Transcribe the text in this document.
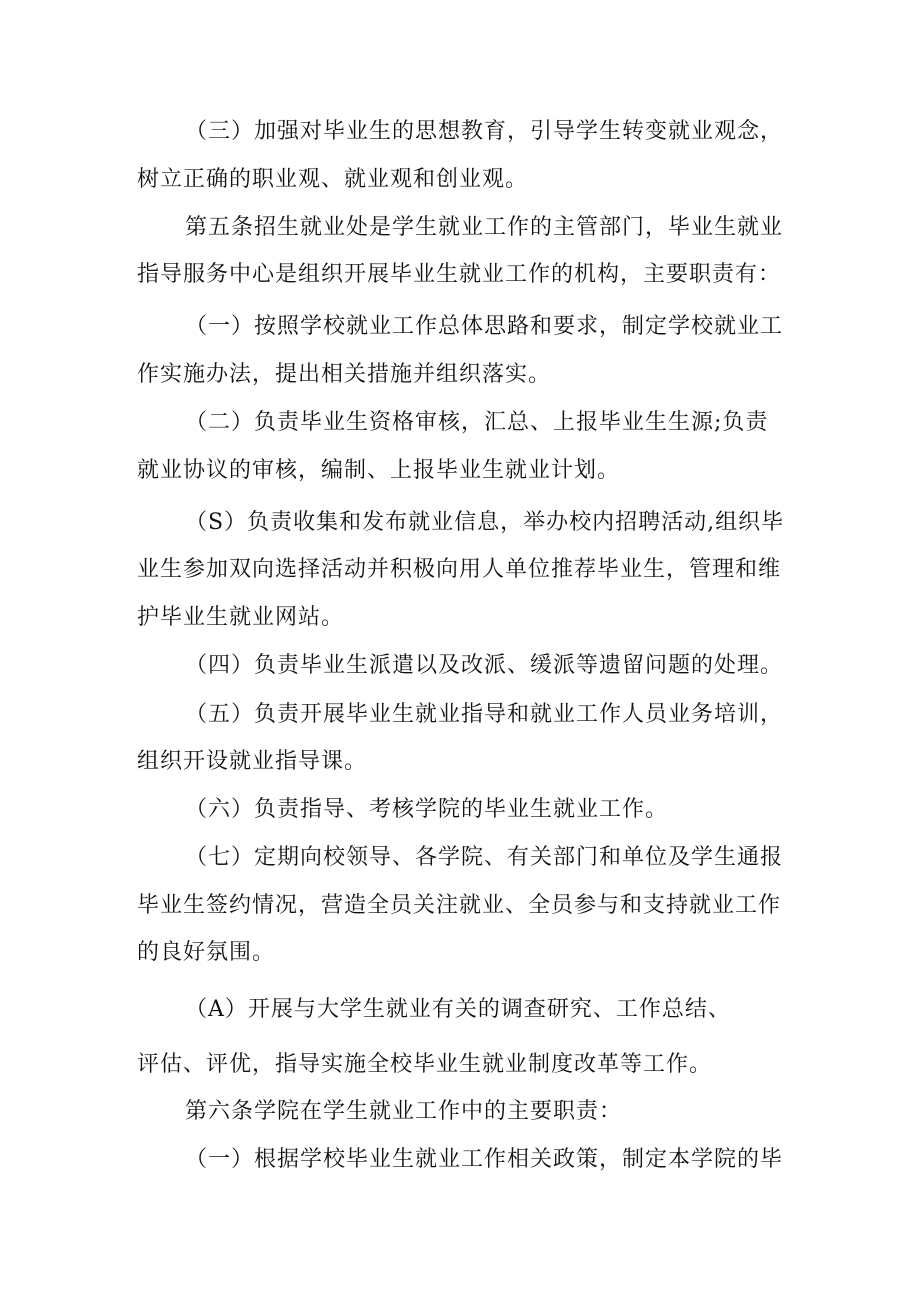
（三）加强对毕业生的思想教育，引导学生转变就业观念，
树立正确的职业观、就业观和创业观。
第五条招生就业处是学生就业工作的主管部门，毕业生就业
指导服务中心是组织开展毕业生就业工作的机构，主要职责有：
（一）按照学校就业工作总体思路和要求，制定学校就业工
作实施办法，提出相关措施并组织落实。
（二）负责毕业生资格审核，汇总、上报毕业生生源;负责
就业协议的审核，编制、上报毕业生就业计划。
（S）负责收集和发布就业信息，举办校内招聘活动,组织毕
业生参加双向选择活动并积极向用人单位推荐毕业生，管理和维
护毕业生就业网站。
（四）负责毕业生派遣以及改派、缓派等遗留问题的处理。
（五）负责开展毕业生就业指导和就业工作人员业务培训，
组织开设就业指导课。
（六）负责指导、考核学院的毕业生就业工作。
（七）定期向校领导、各学院、有关部门和单位及学生通报
毕业生签约情况，营造全员关注就业、全员参与和支持就业工作
的良好氛围。
（A）开展与大学生就业有关的调查研究、工作总结、
评估、评优，指导实施全校毕业生就业制度改革等工作。
第六条学院在学生就业工作中的主要职责：
（一）根据学校毕业生就业工作相关政策，制定本学院的毕
